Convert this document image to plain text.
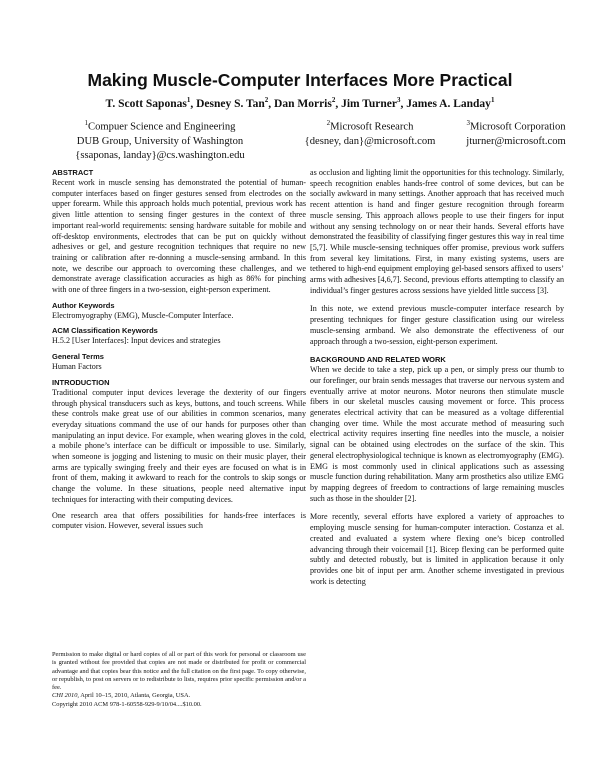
Making Muscle-Computer Interfaces More Practical
T. Scott Saponas$^1$, Desney S. Tan$^2$, Dan Morris$^2$, Jim Turner$^3$, James A. Landay$^1$
$^1$Compuer Science and Engineering
DUB Group, University of Washington
{ssaponas, landay}@cs.washington.edu
$^2$Microsoft Research
{desney, dan}@microsoft.com
$^3$Microsoft Corporation
jturner@microsoft.com
ABSTRACT

Recent work in muscle sensing has demonstrated the potential of human-computer interfaces based on finger gestures sensed from electrodes on the upper forearm. While this approach holds much potential, previous work has given little attention to sensing finger gestures in the context of three important real-world requirements: sensing hardware suitable for mobile and off-desktop environments, electrodes that can be put on quickly without adhesives or gel, and gesture recognition techniques that require no new training or calibration after re-donning a muscle-sensing armband. In this note, we describe our approach to overcoming these challenges, and we demonstrate average classification accuracies as high as 86% for pinching with one of three fingers in a two-session, eight-person experiment.

Author Keywords

Electromyography (EMG), Muscle-Computer Interface.

ACM Classification Keywords

H.5.2 [User Interfaces]: Input devices and strategies

General Terms

Human Factors

INTRODUCTION

Traditional computer input devices leverage the dexterity of our fingers through physical transducers such as keys, buttons, and touch screens. While these controls make great use of our abilities in common scenarios, many everyday situations command the use of our hands for purposes other than manipulating an input device. For example, when wearing gloves in the cold, a mobile phone’s interface can be difficult or impossible to use. Similarly, when someone is jogging and listening to music on their music player, their arms are typically swinging freely and their eyes are focused on what is in front of them, making it awkward to reach for the controls to skip songs or change the volume. In these situations, people need alternative input techniques for interacting with their computing devices.

One research area that offers possibilities for hands-free interfaces is computer vision. However, several issues such

Permission to make digital or hard copies of all or part of this work for personal or classroom use is granted without fee provided that copies are not made or distributed for profit or commercial advantage and that copies bear this notice and the full citation on the first page. To copy otherwise, or republish, to post on servers or to redistribute to lists, requires prior specific permission and/or a fee.
CHI 2010, April 10–15, 2010, Atlanta, Georgia, USA.
Copyright 2010 ACM 978-1-60558-929-9/10/04....$10.00.

as occlusion and lighting limit the opportunities for this technology. Similarly, speech recognition enables hands-free control of some devices, but can be socially awkward in many settings. Another approach that has received much recent attention is hand and finger gesture recognition through forearm muscle sensing. This approach allows people to use their fingers for input without any sensing technology on or near their hands. Several efforts have demonstrated the feasibility of classifying finger gestures this way in real time [5,7]. While muscle-sensing techniques offer promise, previous work suffers from several key limitations. First, in many existing systems, users are tethered to high-end equipment employing gel-based sensors affixed to users’ arms with adhesives [4,6,7]. Second, previous efforts attempting to classify an individual’s finger gestures across sessions have yielded little success [3].

In this note, we extend previous muscle-computer interface research by presenting techniques for finger gesture classification using our wireless muscle-sensing armband. We also demonstrate the effectiveness of our approach through a two-session, eight-person experiment.

BACKGROUND AND RELATED WORK

When we decide to take a step, pick up a pen, or simply press our thumb to our forefinger, our brain sends messages that traverse our nervous system and eventually arrive at motor neurons. Motor neurons then stimulate muscle fibers in our skeletal muscles causing movement or force. This process generates electrical activity that can be measured as a voltage differential changing over time. While the most accurate method of measuring such electrical activity requires inserting fine needles into the muscle, a noisier signal can be obtained using electrodes on the surface of the skin. This general electrophysiological technique is known as electromyography (EMG). EMG is most commonly used in clinical applications such as assessing muscle function during rehabilitation. Many arm prosthetics also utilize EMG by mapping degrees of freedom to contractions of large remaining muscles such as those in the shoulder [2].

More recently, several efforts have explored a variety of approaches to employing muscle sensing for human-computer interaction. Costanza et al. created and evaluated a system where flexing one’s bicep controlled advancing through their voicemail [1]. Bicep flexing can be performed quite subtly and detected robustly, but is limited in application because it only provides one bit of input per arm. Another scheme investigated in previous work is detecting
